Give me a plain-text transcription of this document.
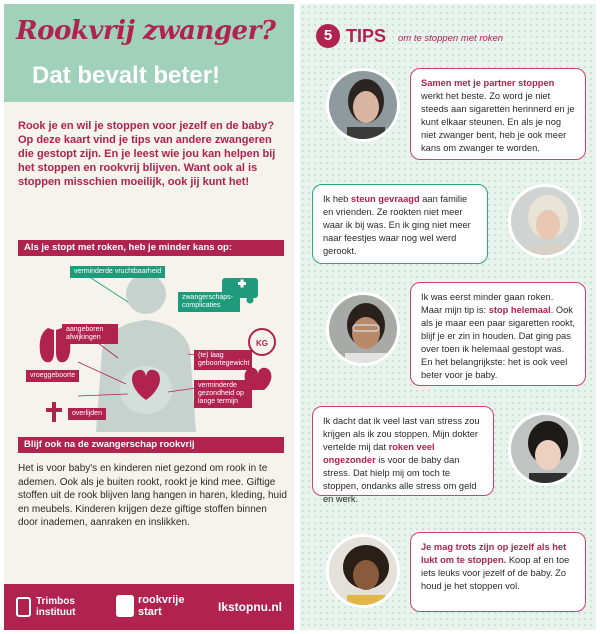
Rookvrij zwanger?
Dat bevalt beter!
Rook je en wil je stoppen voor jezelf en de baby? Op deze kaart vind je tips van andere zwangeren die gestopt zijn. En je leest wie jou kan helpen bij het stoppen en rookvrij blijven. Want ook al is stoppen misschien moeilijk, ook jij kunt het!
Als je stopt met roken, heb je minder kans op:
KG
verminderde vruchtbaarheid
zwangerschaps-complicaties
aangeboren afwijkingen
(te) laag geboortegewicht
vroeggeboorte
verminderde gezondheid op lange termijn
overlijden
Blijf ook na de zwangerschap rookvrij
Het is voor baby's en kinderen niet gezond om rook in te ademen. Ook als je buiten rookt, rookt je kind mee. Giftige stoffen uit de rook blijven lang hangen in haren, kleding, huid en meubels. Kinderen krijgen deze giftige stoffen binnen door inademen, aanraken en inslikken.
Trimbos instituut
rookvrije start	Ikstopnu.nl
5 TIPS om te stoppen met roken
Samen met je partner stoppen werkt het beste. Zo word je niet steeds aan sigaretten herinnerd en je kunt elkaar steunen. En als je nog niet zwanger bent, heb je ook meer kans om zwanger te worden.
Ik heb steun gevraagd aan familie en vrienden. Ze rookten niet meer waar ik bij was. En ik ging niet meer naar feestjes waar nog wel werd gerookt.
Ik was eerst minder gaan roken. Maar mijn tip is: stop helemaal. Ook als je maar een paar sigaretten rookt, blijf je er zin in houden. Dat ging pas over toen ik helemaal gestopt was. En het belangrijkste: het is ook veel beter voor je baby.
Ik dacht dat ik veel last van stress zou krijgen als ik zou stoppen. Mijn dokter vertelde mij dat roken veel ongezonder is voor de baby dan stress. Dat hielp mij om toch te stoppen, ondanks alle stress om geld en werk.
Je mag trots zijn op jezelf als het lukt om te stoppen. Koop af en toe iets leuks voor jezelf of de baby. Zo houd je het stoppen vol.
